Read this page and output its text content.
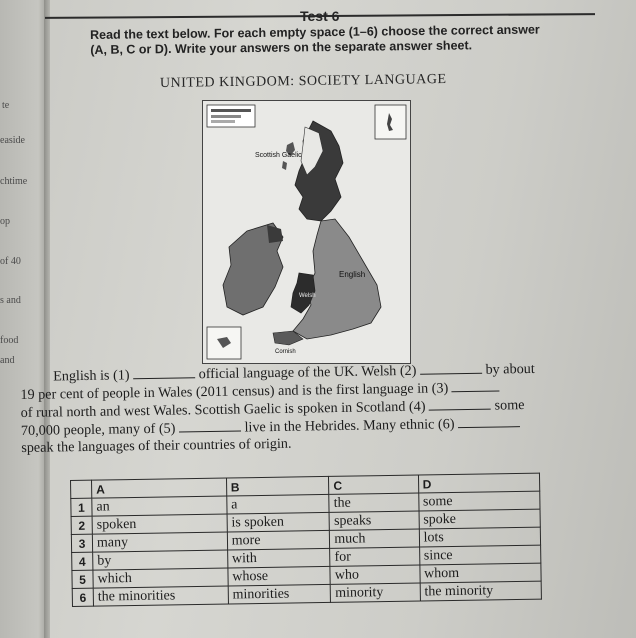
te
easide
chtime
op
of 40
s and
food
and
Test 6
Read the text below. For each empty space (1–6) choose the correct answer
(A, B, C or D). Write your answers on the separate answer sheet.
UNITED KINGDOM: SOCIETY LANGUAGE
Scottish Gaelic
English
Welsh
Cornish

English is (1)	official language of the UK. Welsh (2)	by about

19 per cent of people in Wales (2011 census) and is the first language in (3)

of rural north and west Wales. Scottish Gaelic is spoken in Scotland (4)	some

70,000 people, many of (5)	live in the Hebrides. Many ethnic (6)

speak the languages of their countries of origin.

	A	B	C	D
1	an	a	the	some
2	spoken	is spoken	speaks	spoke
3	many	more	much	lots
4	by	with	for	since
5	which	whose	who	whom
6	the minorities	minorities	minority	the minority
